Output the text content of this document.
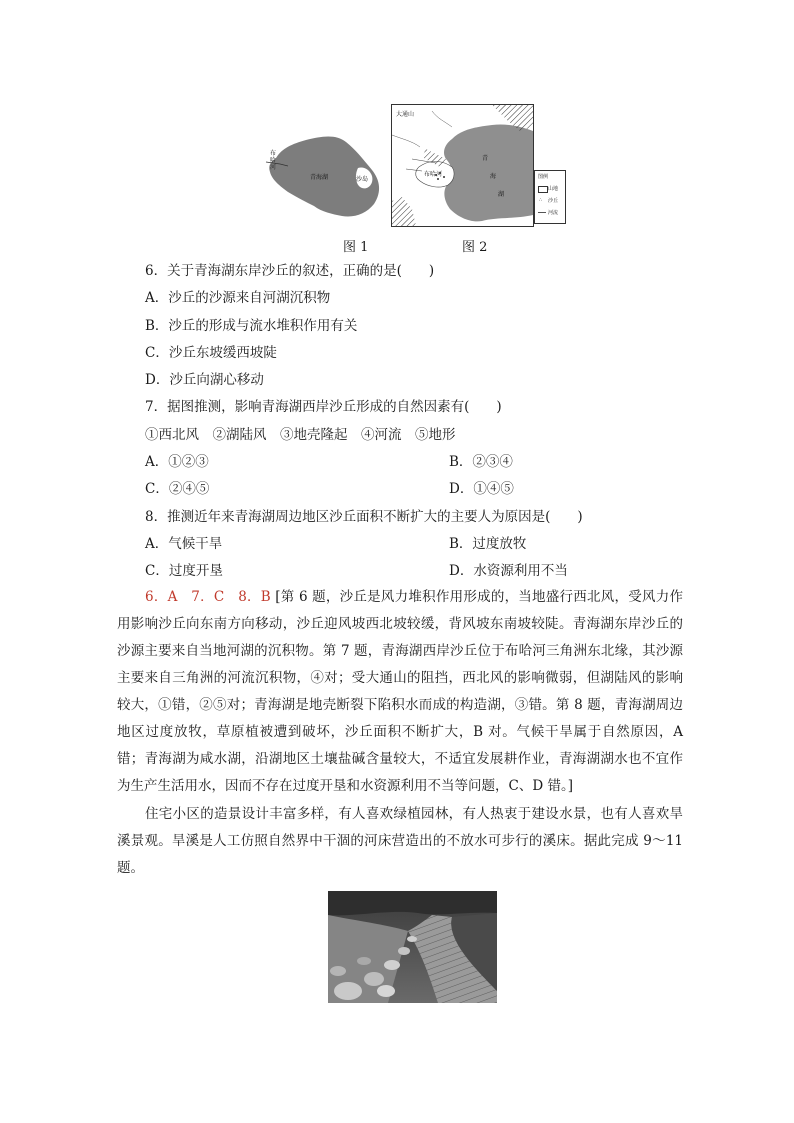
布哈河
青海湖	沙岛
图 1
大通山
布哈河
青
海
湖
图 2
图例
山地
∴ 沙丘
河流
6．关于青海湖东岸沙丘的叙述，正确的是(　　)
A．沙丘的沙源来自河湖沉积物
B．沙丘的形成与流水堆积作用有关
C．沙丘东坡缓西坡陡
D．沙丘向湖心移动
7．据图推测，影响青海湖西岸沙丘形成的自然因素有(　　)
①西北风　②湖陆风　③地壳隆起　④河流　⑤地形
A．①②③	B．②③④
C．②④⑤	D．①④⑤
8．推测近年来青海湖周边地区沙丘面积不断扩大的主要人为原因是(　　)
A．气候干旱	B．过度放牧
C．过度开垦	D．水资源利用不当
6．A　7．C　8．B [第 6 题，沙丘是风力堆积作用形成的，当地盛行西北风，受风力作用影响沙丘向东南方向移动，沙丘迎风坡西北坡较缓，背风坡东南坡较陡。青海湖东岸沙丘的沙源主要来自当地河湖的沉积物。第 7 题，青海湖西岸沙丘位于布哈河三角洲东北缘，其沙源主要来自三角洲的河流沉积物，④对；受大通山的阻挡，西北风的影响微弱，但湖陆风的影响较大，①错，②⑤对；青海湖是地壳断裂下陷积水而成的构造湖，③错。第 8 题，青海湖周边地区过度放牧，草原植被遭到破坏，沙丘面积不断扩大，B 对。气候干旱属于自然原因，A 错；青海湖为咸水湖，沿湖地区土壤盐碱含量较大，不适宜发展耕作业，青海湖湖水也不宜作为生产生活用水，因而不存在过度开垦和水资源利用不当等问题，C、D 错。]
住宅小区的造景设计丰富多样，有人喜欢绿植园林，有人热衷于建设水景，也有人喜欢旱溪景观。旱溪是人工仿照自然界中干涸的河床营造出的不放水可步行的溪床。据此完成 9～11 题。
